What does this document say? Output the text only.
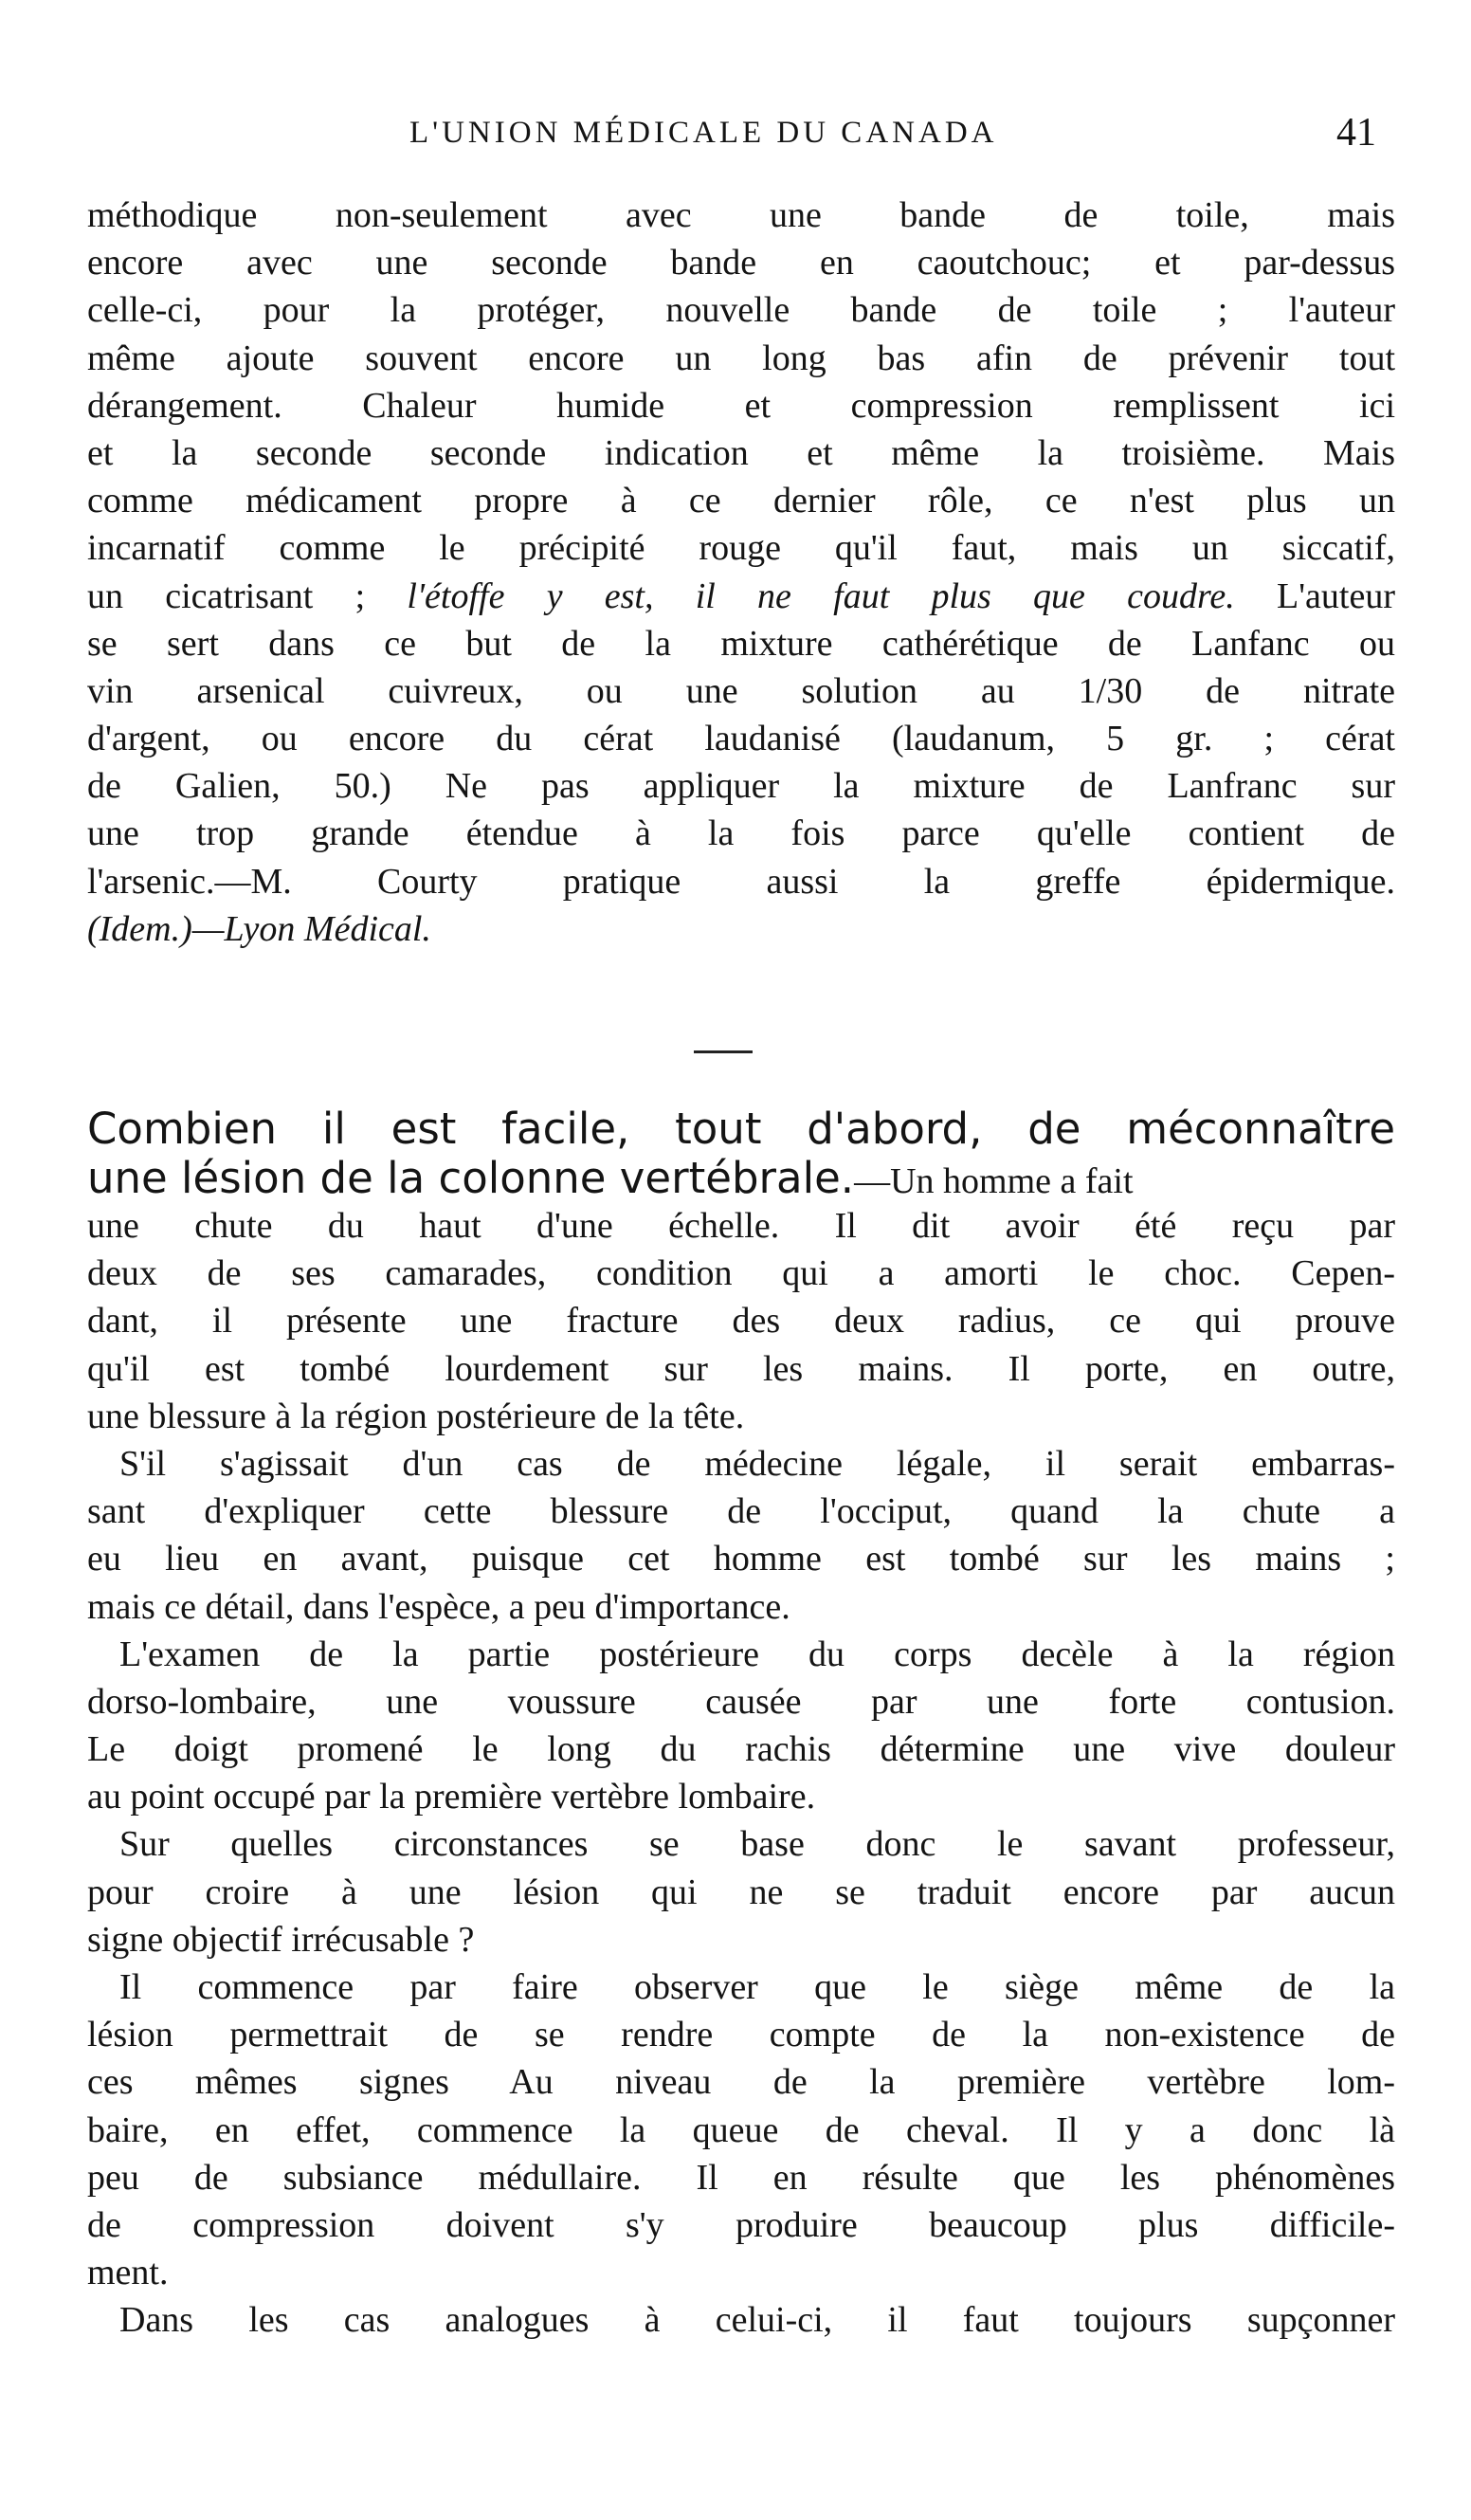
L'UNION MÉDICALE DU CANADA	41
méthodique non-seulement avec une bande de toile, mais
encore avec une seconde bande en caoutchouc; et par-dessus
celle-ci, pour la protéger, nouvelle bande de toile ; l'auteur
même ajoute souvent encore un long bas afin de prévenir tout
dérangement. Chaleur humide et compression remplissent ici
et la seconde seconde indication et même la troisième. Mais
comme médicament propre à ce dernier rôle, ce n'est plus un
incarnatif comme le précipité rouge qu'il faut, mais un siccatif,
un cicatrisant ; l'étoffe y est, il ne faut plus que coudre. L'auteur
se sert dans ce but de la mixture cathérétique de Lanfanc ou
vin arsenical cuivreux, ou une solution au 1/30 de nitrate
d'argent, ou encore du cérat laudanisé (laudanum, 5 gr. ; cérat
de Galien, 50.) Ne pas appliquer la mixture de Lanfranc sur
une trop grande étendue à la fois parce qu'elle contient de
l'arsenic.—M. Courty pratique aussi la greffe épidermique.
(Idem.)—Lyon Médical.
Combien il est facile, tout d'abord, de méconnaître
une lésion de la colonne vertébrale.—Un homme a fait
une chute du haut d'une échelle. Il dit avoir été reçu par
deux de ses camarades, condition qui a amorti le choc. Cepen-
dant, il présente une fracture des deux radius, ce qui prouve
qu'il est tombé lourdement sur les mains. Il porte, en outre,
une blessure à la région postérieure de la tête.
S'il s'agissait d'un cas de médecine légale, il serait embarras-
sant d'expliquer cette blessure de l'occiput, quand la chute a
eu lieu en avant, puisque cet homme est tombé sur les mains ;
mais ce détail, dans l'espèce, a peu d'importance.
L'examen de la partie postérieure du corps decèle à la région
dorso-lombaire, une voussure causée par une forte contusion.
Le doigt promené le long du rachis détermine une vive douleur
au point occupé par la première vertèbre lombaire.
Sur quelles circonstances se base donc le savant professeur,
pour croire à une lésion qui ne se traduit encore par aucun
signe objectif irrécusable ?
Il commence par faire observer que le siège même de la
lésion permettrait de se rendre compte de la non-existence de
ces mêmes signes Au niveau de la première vertèbre lom-
baire, en effet, commence la queue de cheval. Il y a donc là
peu de subsiance médullaire. Il en résulte que les phénomènes
de compression doivent s'y produire beaucoup plus difficile-
ment.
Dans les cas analogues à celui-ci, il faut toujours supçonner
